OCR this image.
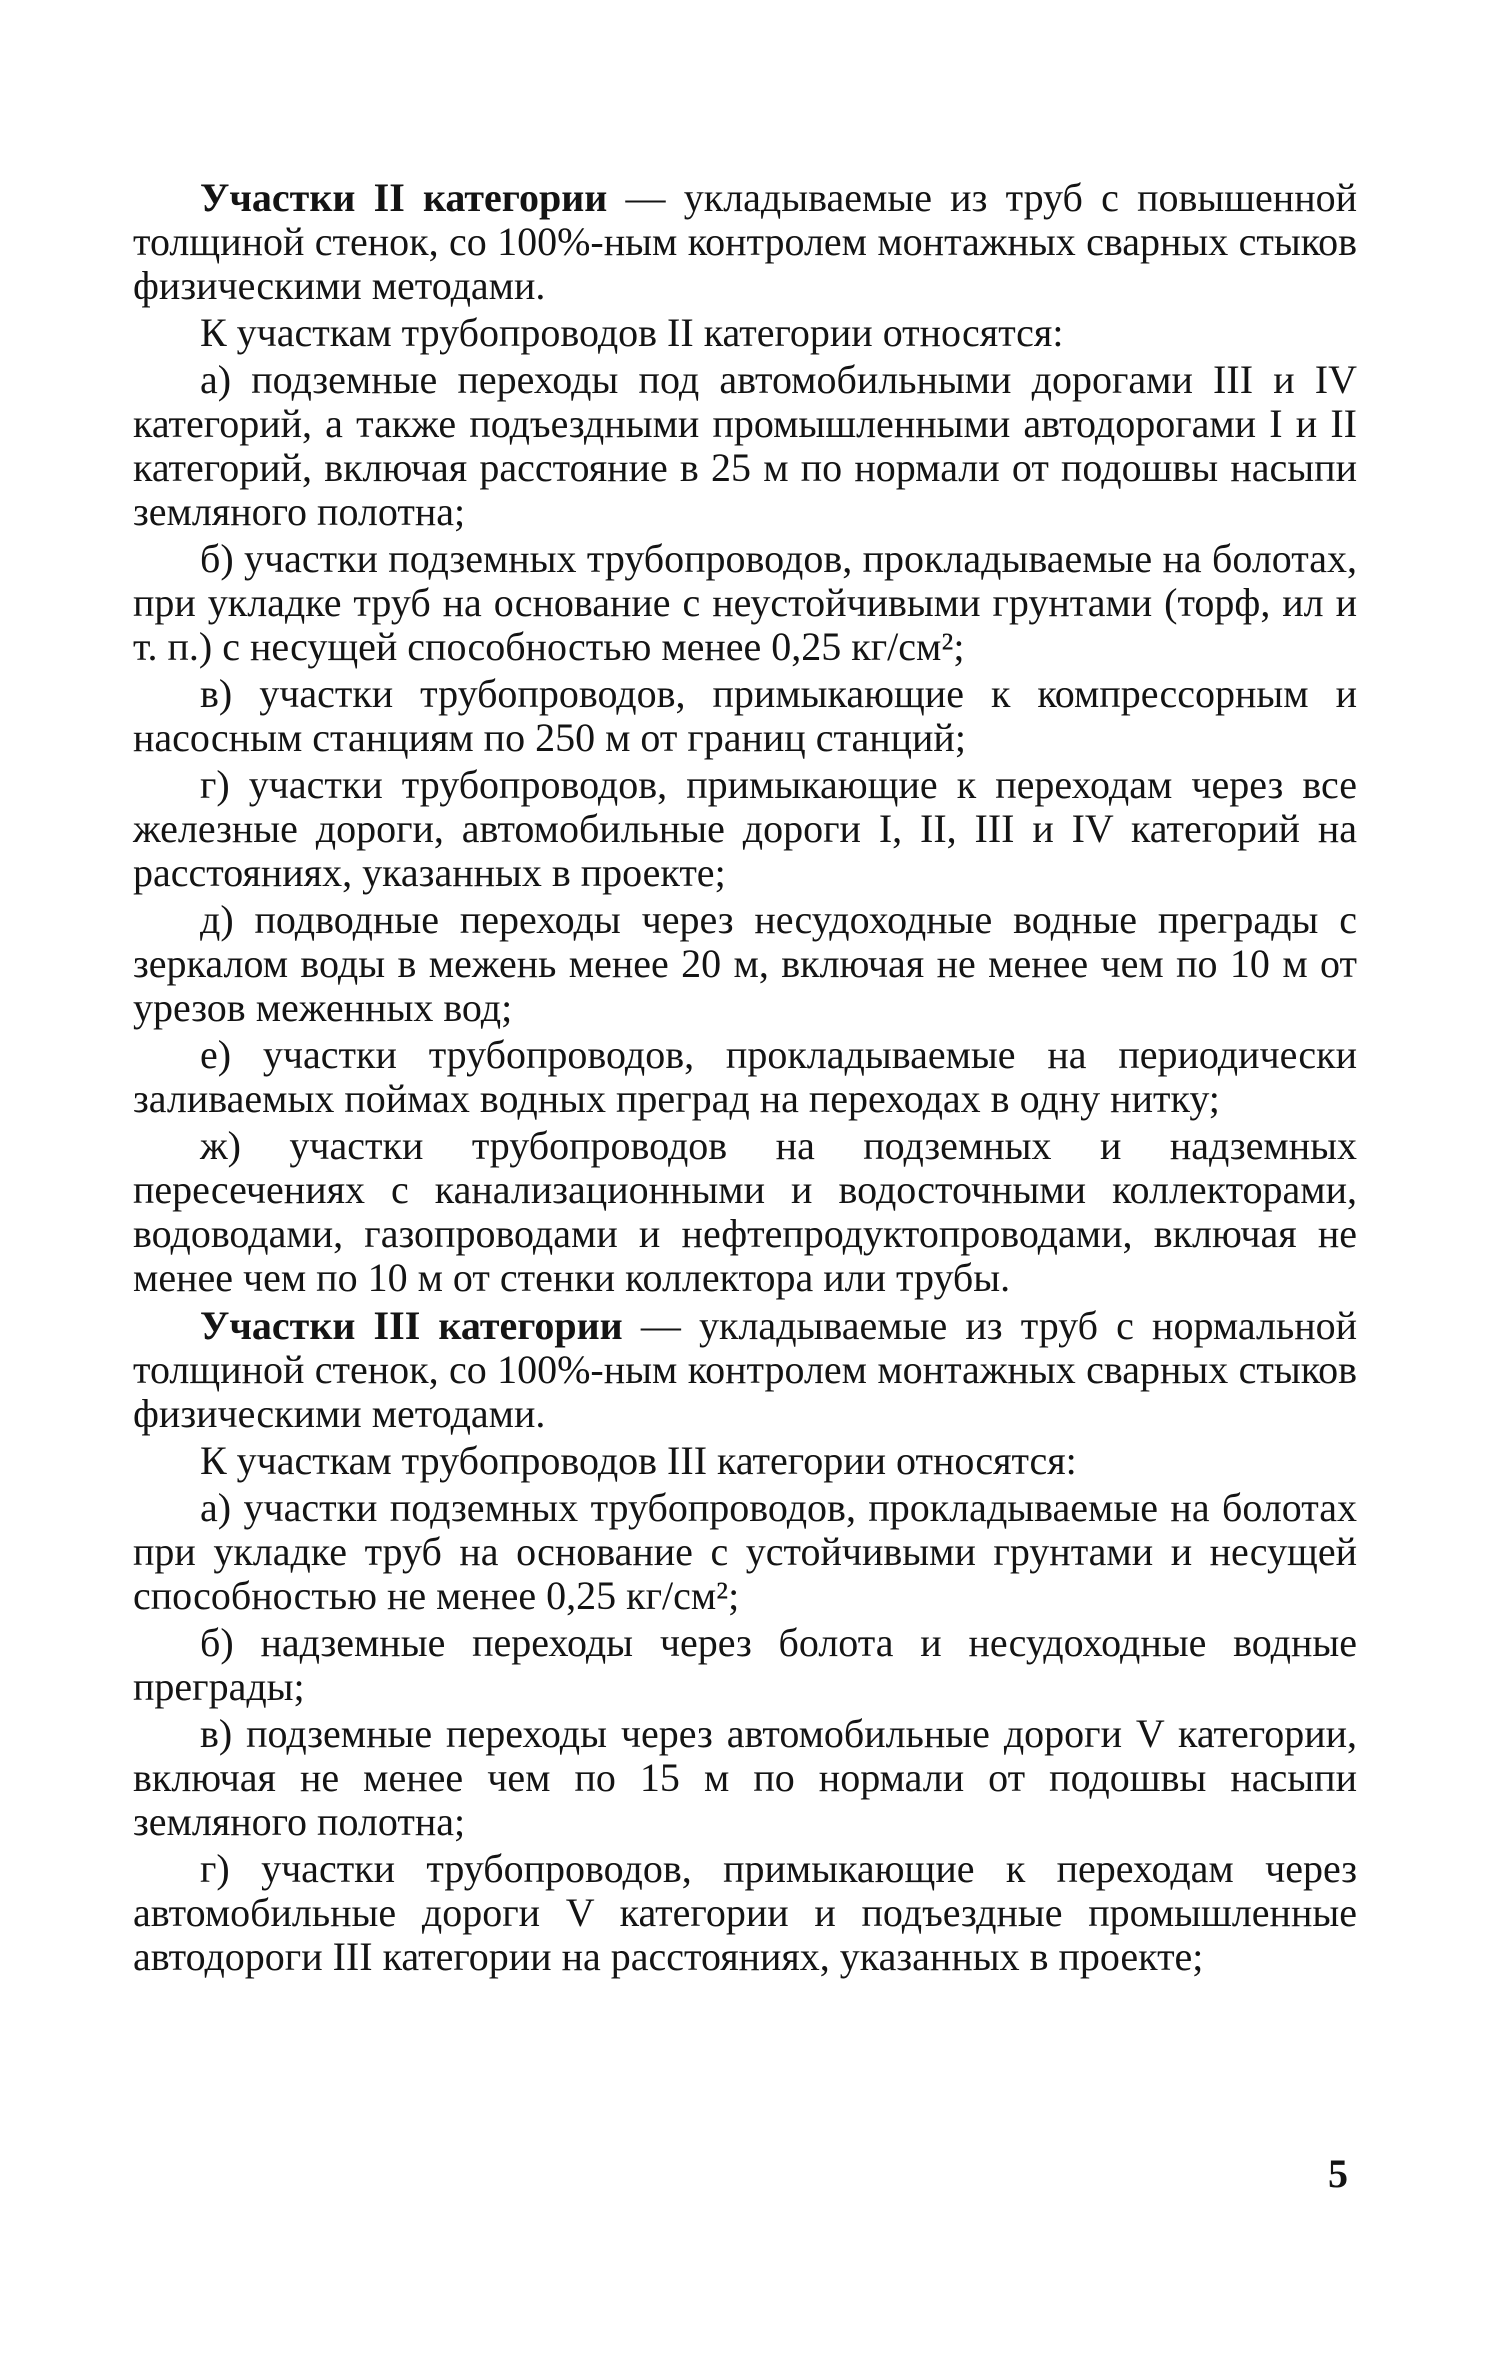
Участки II категории — укладываемые из труб с повышенной толщиной стенок, со 100%-ным контролем монтажных сварных стыков физическими методами.

К участкам трубопроводов II категории относятся:

а) подземные переходы под автомобильными дорогами III и IV категорий, а также подъездными промышленными автодорогами I и II категорий, включая расстояние в 25 м по нормали от подошвы насыпи земляного полотна;

б) участки подземных трубопроводов, прокладываемые на болотах, при укладке труб на основание с неустойчивыми грунтами (торф, ил и т. п.) с несущей способностью менее 0,25 кг/см²;

в) участки трубопроводов, примыкающие к компрессорным и насосным станциям по 250 м от границ станций;

г) участки трубопроводов, примыкающие к переходам через все железные дороги, автомобильные дороги I, II, III и IV категорий на расстояниях, указанных в проекте;

д) подводные переходы через несудоходные водные преграды с зеркалом воды в межень менее 20 м, включая не менее чем по 10 м от урезов меженных вод;

е) участки трубопроводов, прокладываемые на периодически заливаемых поймах водных преград на переходах в одну нитку;

ж) участки трубопроводов на подземных и надземных пересечениях с канализационными и водосточными коллекторами, водоводами, газопроводами и нефтепродуктопроводами, включая не менее чем по 10 м от стенки коллектора или трубы.

Участки III категории — укладываемые из труб с нормальной толщиной стенок, со 100%-ным контролем монтажных сварных стыков физическими методами.

К участкам трубопроводов III категории относятся:

а) участки подземных трубопроводов, прокладываемые на болотах при укладке труб на основание с устойчивыми грунтами и несущей способностью не менее 0,25 кг/см²;

б) надземные переходы через болота и несудоходные водные преграды;

в) подземные переходы через автомобильные дороги V категории, включая не менее чем по 15 м по нормали от подошвы насыпи земляного полотна;

г) участки трубопроводов, примыкающие к переходам через автомобильные дороги V категории и подъездные промышленные автодороги III категории на расстояниях, указанных в проекте;

5
